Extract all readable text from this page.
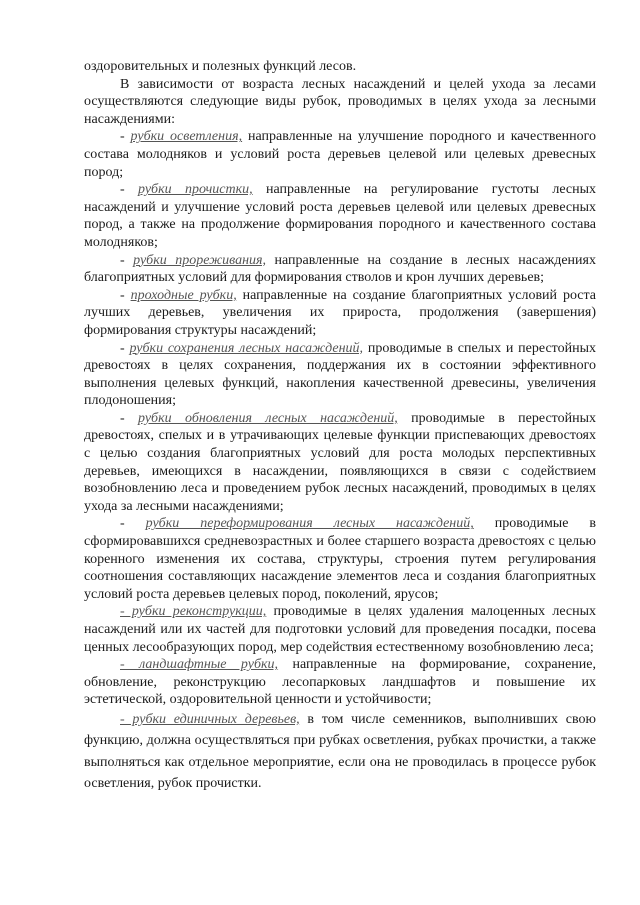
оздоровительных и полезных функций лесов.

В зависимости от возраста лесных насаждений и целей ухода за лесами осуществляются следующие виды рубок, проводимых в целях ухода за лесными насаждениями:

- рубки осветления, направленные на улучшение породного и качественного состава молодняков и условий роста деревьев целевой или целевых древесных пород;

- рубки прочистки, направленные на регулирование густоты лесных насаждений и улучшение условий роста деревьев целевой или целевых древесных пород, а также на продолжение формирования породного и качественного состава молодняков;

- рубки прореживания, направленные на создание в лесных насаждениях благоприятных условий для формирования стволов и крон лучших деревьев;

- проходные рубки, направленные на создание благоприятных условий роста лучших деревьев, увеличения их прироста, продолжения (завершения) формирования структуры насаждений;

- рубки сохранения лесных насаждений, проводимые в спелых и перестойных древостоях в целях сохранения, поддержания их в состоянии эффективного выполнения целевых функций, накопления качественной древесины, увеличения плодоношения;

- рубки обновления лесных насаждений, проводимые в перестойных древостоях, спелых и в утрачивающих целевые функции приспевающих древостоях с целью создания благоприятных условий для роста молодых перспективных деревьев, имеющихся в насаждении, появляющихся в связи с содействием возобновлению леса и проведением рубок лесных насаждений, проводимых в целях ухода за лесными насаждениями;

- рубки переформирования лесных насаждений, проводимые в сформировавшихся средневозрастных и более старшего возраста древостоях с целью коренного изменения их состава, структуры, строения путем регулирования соотношения составляющих насаждение элементов леса и создания благоприятных условий роста деревьев целевых пород, поколений, ярусов;

- рубки реконструкции, проводимые в целях удаления малоценных лесных насаждений или их частей для подготовки условий для проведения посадки, посева ценных лесообразующих пород, мер содействия естественному возобновлению леса;

- ландшафтные рубки, направленные на формирование, сохранение, обновление, реконструкцию лесопарковых ландшафтов и повышение их эстетической, оздоровительной ценности и устойчивости;

- рубки единичных деревьев, в том числе семенников, выполнивших свою функцию, должна осуществляться при рубках осветления, рубках прочистки, а также выполняться как отдельное мероприятие, если она не проводилась в процессе рубок осветления, рубок прочистки.
